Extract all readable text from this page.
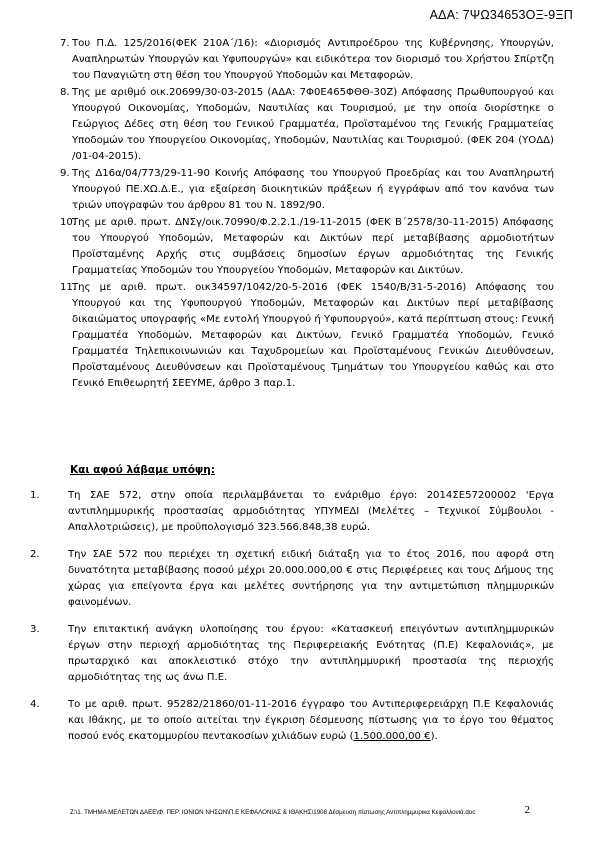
ΑΔΑ: 7ΨΩ34653ΟΞ-9ΞΠ
7. Του Π.Δ. 125/2016(ΦΕΚ 210Α΄/16): «Διορισμός Αντιπροέδρου της Κυβέρνησης, Υπουργών, Αναπληρωτών Υπουργών και Υφυπουργών» και ειδικότερα τον διορισμό του Χρήστου Σπίρτζη του Παναγιώτη στη θέση του Υπουργού Υποδομών και Μεταφορών.
8. Της με αριθμό οικ.20699/30-03-2015 (ΑΔΑ: 7Φ0Ε465ΦΘΘ-30Ζ) Απόφασης Πρωθυπουργού και Υπουργού Οικονομίας, Υποδομών, Ναυτιλίας και Τουρισμού, με την οποία διορίστηκε ο Γεώργιος Δέδες στη θέση του Γενικού Γραμματέα, Προϊσταμένου της Γενικής Γραμματείας Υποδομών του Υπουργείου Οικονομίας, Υποδομών, Ναυτιλίας και Τουρισμού. (ΦΕΚ 204 (ΥΟΔΔ) /01-04-2015).
9. Της Δ16α/04/773/29-11-90 Κοινής Απόφασης του Υπουργού Προεδρίας και του Αναπληρωτή Υπουργού ΠΕ.ΧΩ.Δ.Ε., για εξαίρεση διοικητικών πράξεων ή εγγράφων από τον κανόνα των τριών υπογραφών του άρθρου 81 του Ν. 1892/90.
10.
Της με αριθ. πρωτ. ΔΝΣγ/οικ.70990/Φ.2.2.1./19-11-2015 (ΦΕΚ Β΄2578/30-11-2015) Απόφασης του Υπουργού Υποδομών, Μεταφορών και Δικτύων περί μεταβίβασης αρμοδιοτήτων Προϊσταμένης Αρχής στις συμβάσεις δημοσίων έργων αρμοδιότητας της Γενικής Γραμματείας Υποδομών του Υπουργείου Υποδομών, Μεταφορών και Δικτύων.
11.
Της με αριθ. πρωτ. οικ34597/1042/20-5-2016 (ΦΕΚ 1540/Β/31-5-2016) Απόφασης του Υπουργού και της Υφυπουργού Υποδομών, Μεταφορών και Δικτύων περί μεταβίβασης δικαιώματος υπογραφής «Με εντολή Υπουργού ή Υφυπουργού», κατά περίπτωση στους: Γενική Γραμματέα Υποδομών, Μεταφορών και Δικτύων, Γενικό Γραμματέα Υποδομών, Γενικό Γραμματέα Τηλεπικοινωνιών και Ταχυδρομείων και Προϊσταμένους Γενικών Διευθύνσεων, Προϊσταμένους Διευθύνσεων και Προϊσταμένους Τμημάτων του Υπουργείου καθώς και στο Γενικό Επιθεωρητή ΣΕΕΥΜΕ, άρθρο 3 παρ.1.
Και αφού λάβαμε υπόψη:
1.	Τη ΣΑΕ 572, στην οποία περιλαμβάνεται το ενάριθμο έργο: 2014ΣΕ57200002 'Εργα αντιπλημμυρικής προστασίας αρμοδιότητας ΥΠΥΜΕΔΙ (Μελέτες – Τεχνικοί Σύμβουλοι - Απαλλοτριώσεις), με προϋπολογισμό 323.566.848,38 ευρώ.
2.	Την ΣΑΕ 572 που περιέχει τη σχετική ειδική διάταξη για το έτος 2016, που αφορά στη δυνατότητα μεταβίβασης ποσού μέχρι 20.000.000,00 € στις Περιφέρειες και τους Δήμους της χώρας για επείγοντα έργα και μελέτες συντήρησης για την αντιμετώπιση πλημμυρικών φαινομένων.
3.	Την επιτακτική ανάγκη υλοποίησης του έργου: «Κατασκευή επειγόντων αντιπλημμυρικών έργων στην περιοχή αρμοδιότητας της Περιφερειακής Ενότητας (Π.Ε) Κεφαλονιάς», με πρωταρχικό και αποκλειστικό στόχο την αντιπλημμυρική προστασία της περιοχής αρμοδιότητας της ως άνω Π.Ε.
4.	Το με αριθ. πρωτ. 95282/21860/01-11-2016 έγγραφο του Αντιπεριφερειάρχη Π.Ε Κεφαλονιάς και Ιθάκης, με το οποίο αιτείται την έγκριση δέσμευσης πίστωσης για το έργο του θέματος ποσού ενός εκατομμυρίου πεντακοσίων χιλιάδων ευρώ (1.500.000,00 €).
Z:\1. ΤΜΗΜΑ ΜΕΛΕΤΩΝ ΔΑΕΕ\Φ. ΠΕΡ. ΙΟΝΙΩΝ ΝΗΣΩΝ\Π.Ε ΚΕΦΑΛΟΝΙΑΣ & ΙΘΑΚΗΣ\1908 Δέσμευση πίστωσης Αντιπλημμυρικα Κεφαλλονιά.doc	2
